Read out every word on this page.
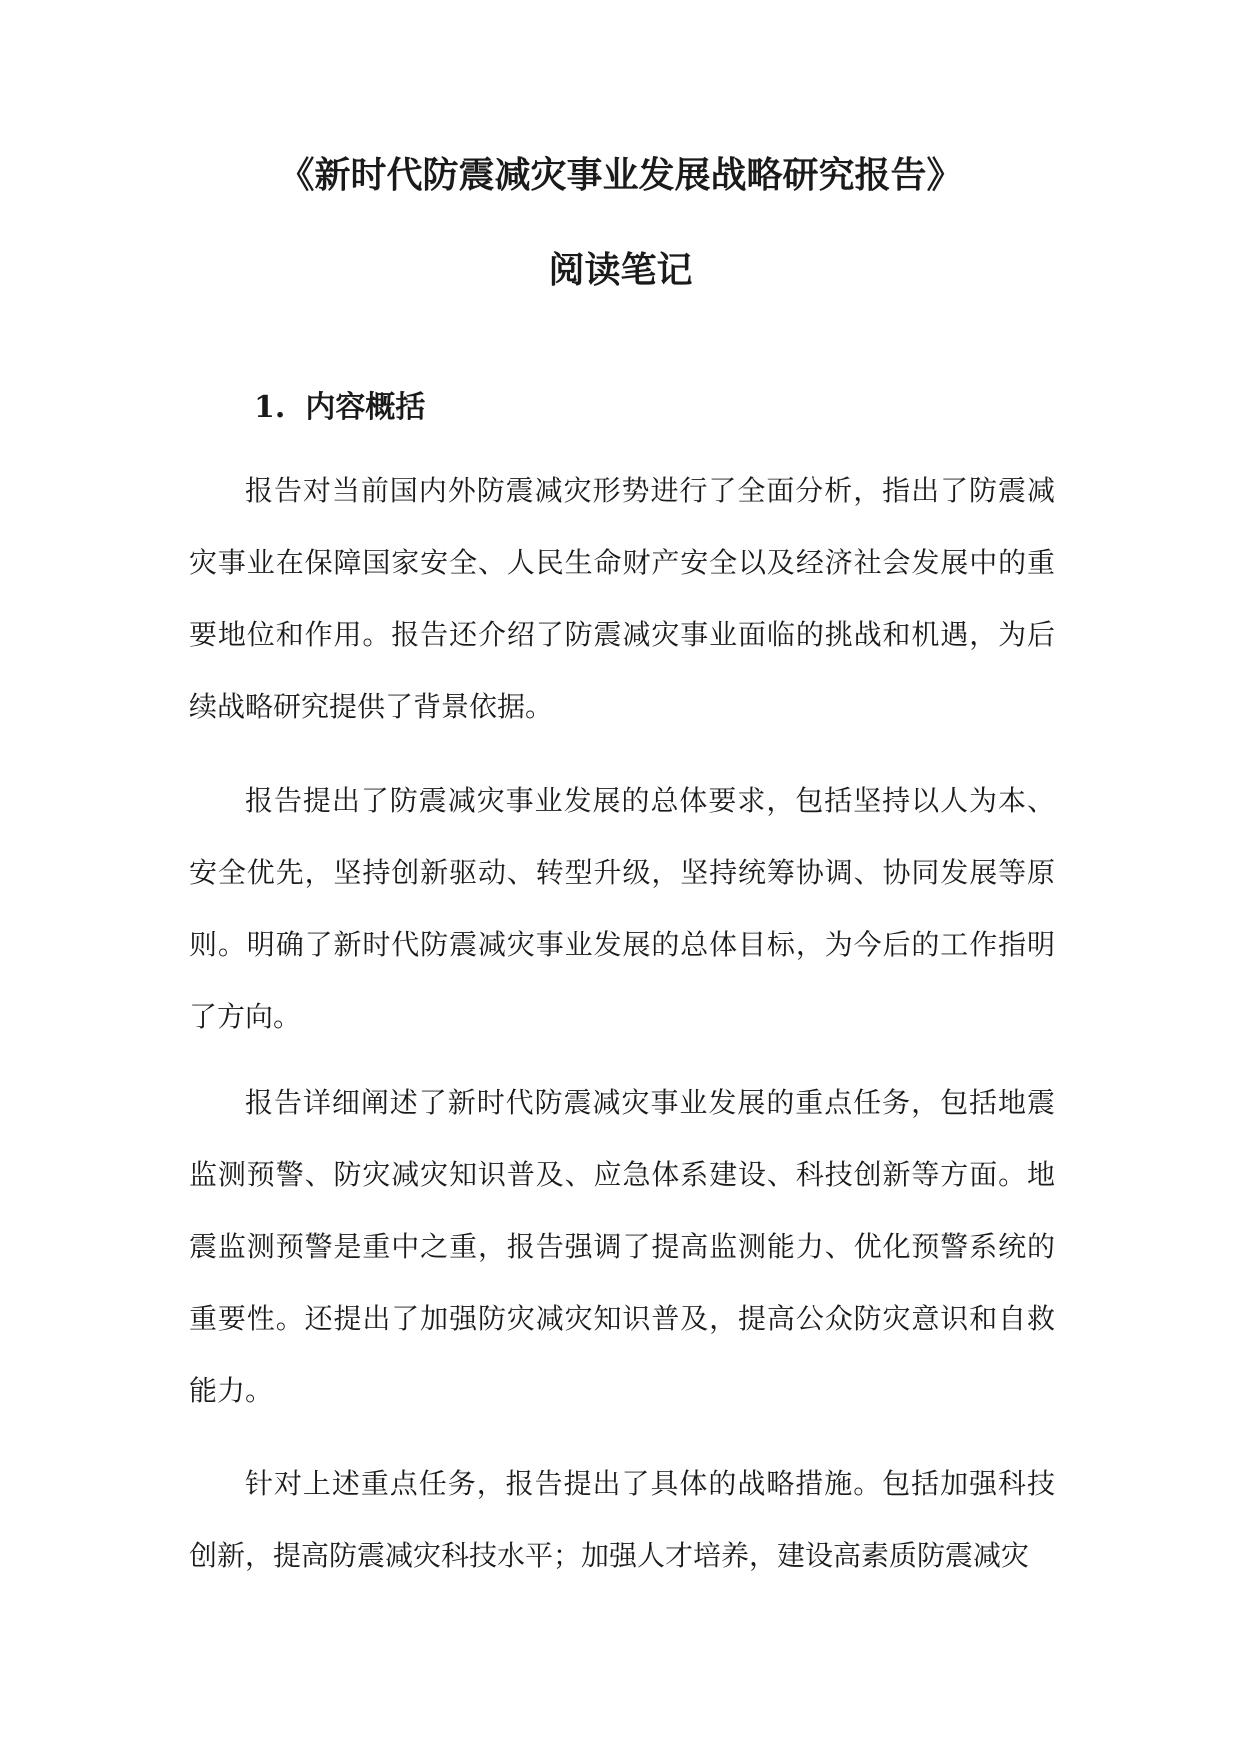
《新时代防震减灾事业发展战略研究报告》
阅读笔记
1. 内容概括

报告对当前国内外防震减灾形势进行了全面分析，指出了防震减灾事业在保障国家安全、人民生命财产安全以及经济社会发展中的重要地位和作用。报告还介绍了防震减灾事业面临的挑战和机遇，为后续战略研究提供了背景依据。

报告提出了防震减灾事业发展的总体要求，包括坚持以人为本、安全优先，坚持创新驱动、转型升级，坚持统筹协调、协同发展等原则。明确了新时代防震减灾事业发展的总体目标，为今后的工作指明了方向。

报告详细阐述了新时代防震减灾事业发展的重点任务，包括地震监测预警、防灾减灾知识普及、应急体系建设、科技创新等方面。地震监测预警是重中之重，报告强调了提高监测能力、优化预警系统的重要性。还提出了加强防灾减灾知识普及，提高公众防灾意识和自救能力。

针对上述重点任务，报告提出了具体的战略措施。包括加强科技创新，提高防震减灾科技水平；加强人才培养，建设高素质防震减灾
